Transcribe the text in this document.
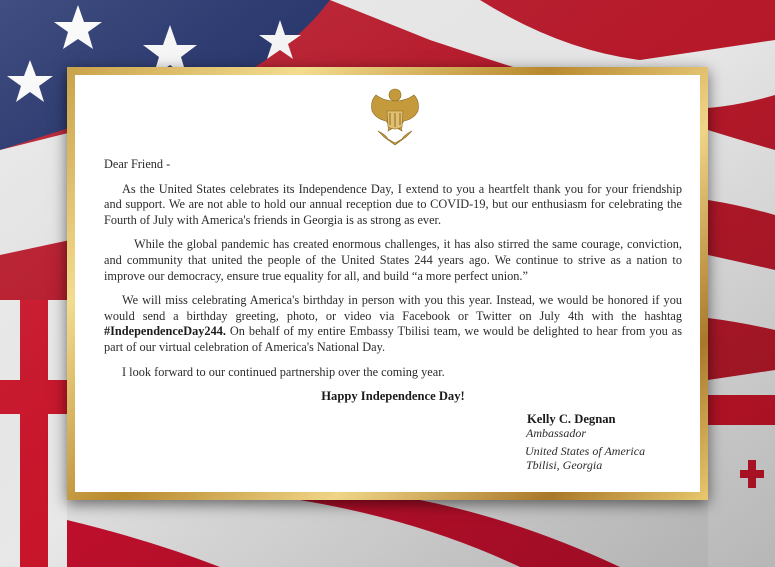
Dear Friend -

As the United States celebrates its Independence Day, I extend to you a heartfelt thank you for your friendship and support. We are not able to hold our annual reception due to COVID-19, but our enthusiasm for celebrating the Fourth of July with America's friends in Georgia is as strong as ever.

While the global pandemic has created enormous challenges, it has also stirred the same courage, conviction, and community that united the people of the United States 244 years ago. We continue to strive as a nation to improve our democracy, ensure true equality for all, and build “a more perfect union.”

We will miss celebrating America's birthday in person with you this year. Instead, we would be honored if you would send a birthday greeting, photo, or video via Facebook or Twitter on July 4th with the hashtag #IndependenceDay244. On behalf of my entire Embassy Tbilisi team, we would be delighted to hear from you as part of our virtual celebration of America's National Day.

I look forward to our continued partnership over the coming year.

Happy Independence Day!

Kelly C. Degnan
Ambassador
United States of America
Tbilisi, Georgia
